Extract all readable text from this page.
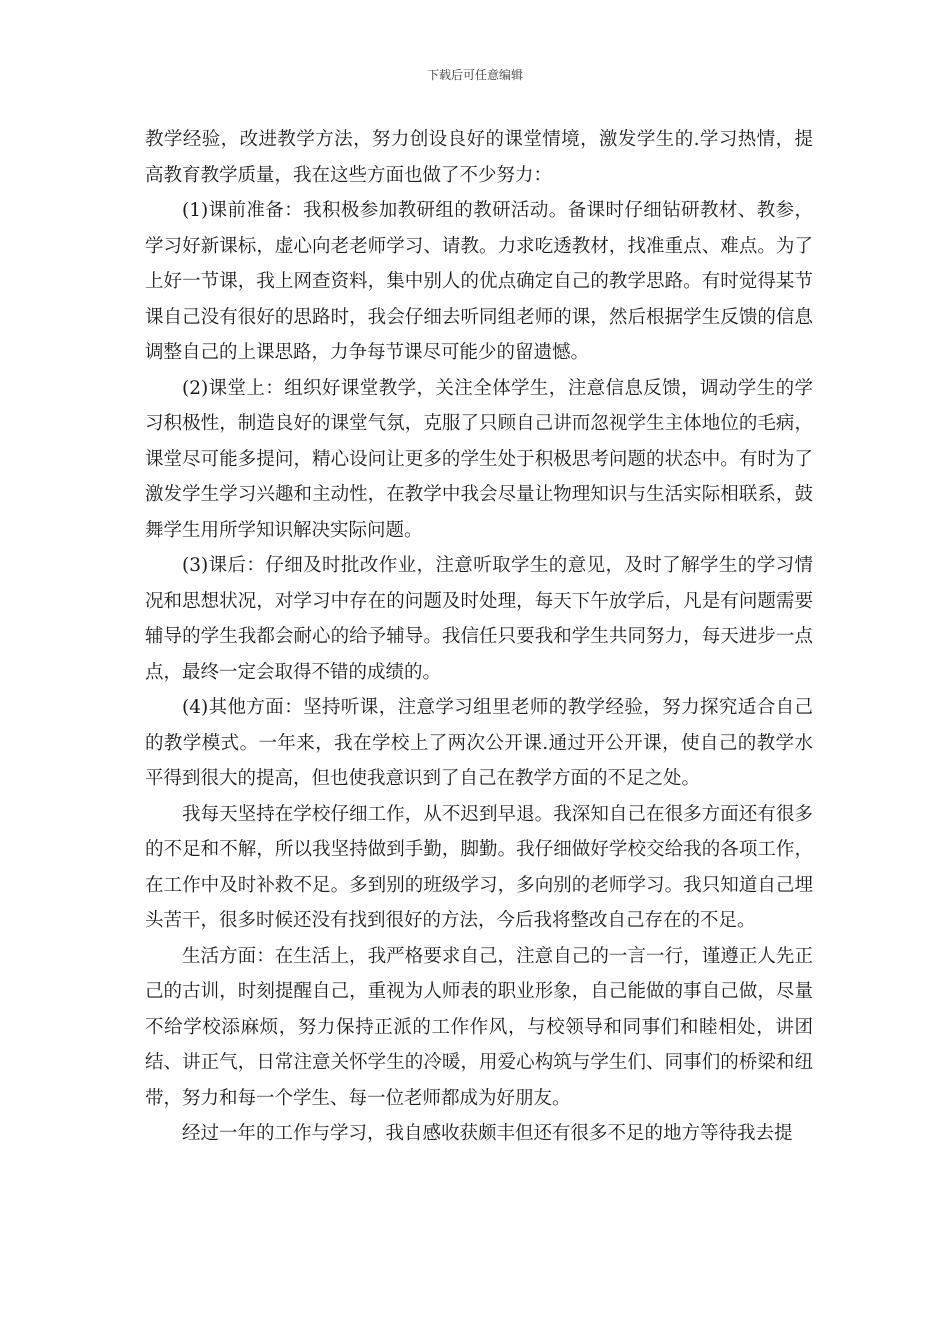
下载后可任意编辑

教学经验，改进教学方法，努力创设良好的课堂情境，激发学生的.学习热情，提高教育教学质量，我在这些方面也做了不少努力：

(1)课前准备：我积极参加教研组的教研活动。备课时仔细钻研教材、教参，学习好新课标，虚心向老老师学习、请教。力求吃透教材，找准重点、难点。为了上好一节课，我上网查资料，集中别人的优点确定自己的教学思路。有时觉得某节课自己没有很好的思路时，我会仔细去听同组老师的课，然后根据学生反馈的信息调整自己的上课思路，力争每节课尽可能少的留遗憾。

(2)课堂上：组织好课堂教学，关注全体学生，注意信息反馈，调动学生的学习积极性，制造良好的课堂气氛，克服了只顾自己讲而忽视学生主体地位的毛病，课堂尽可能多提问，精心设问让更多的学生处于积极思考问题的状态中。有时为了激发学生学习兴趣和主动性，在教学中我会尽量让物理知识与生活实际相联系，鼓舞学生用所学知识解决实际问题。

(3)课后：仔细及时批改作业，注意听取学生的意见，及时了解学生的学习情况和思想状况，对学习中存在的问题及时处理，每天下午放学后，凡是有问题需要辅导的学生我都会耐心的给予辅导。我信任只要我和学生共同努力，每天进步一点点，最终一定会取得不错的成绩的。

(4)其他方面：坚持听课，注意学习组里老师的教学经验，努力探究适合自己的教学模式。一年来，我在学校上了两次公开课.通过开公开课，使自己的教学水平得到很大的提高，但也使我意识到了自己在教学方面的不足之处。

我每天坚持在学校仔细工作，从不迟到早退。我深知自己在很多方面还有很多的不足和不解，所以我坚持做到手勤，脚勤。我仔细做好学校交给我的各项工作，在工作中及时补救不足。多到别的班级学习，多向别的老师学习。我只知道自己埋头苦干，很多时候还没有找到很好的方法，今后我将整改自己存在的不足。

生活方面：在生活上，我严格要求自己，注意自己的一言一行，谨遵正人先正己的古训，时刻提醒自己，重视为人师表的职业形象，自己能做的事自己做，尽量不给学校添麻烦，努力保持正派的工作作风，与校领导和同事们和睦相处，讲团结、讲正气，日常注意关怀学生的冷暖，用爱心构筑与学生们、同事们的桥梁和纽带，努力和每一个学生、每一位老师都成为好朋友。

经过一年的工作与学习，我自感收获颇丰但还有很多不足的地方等待我去提
